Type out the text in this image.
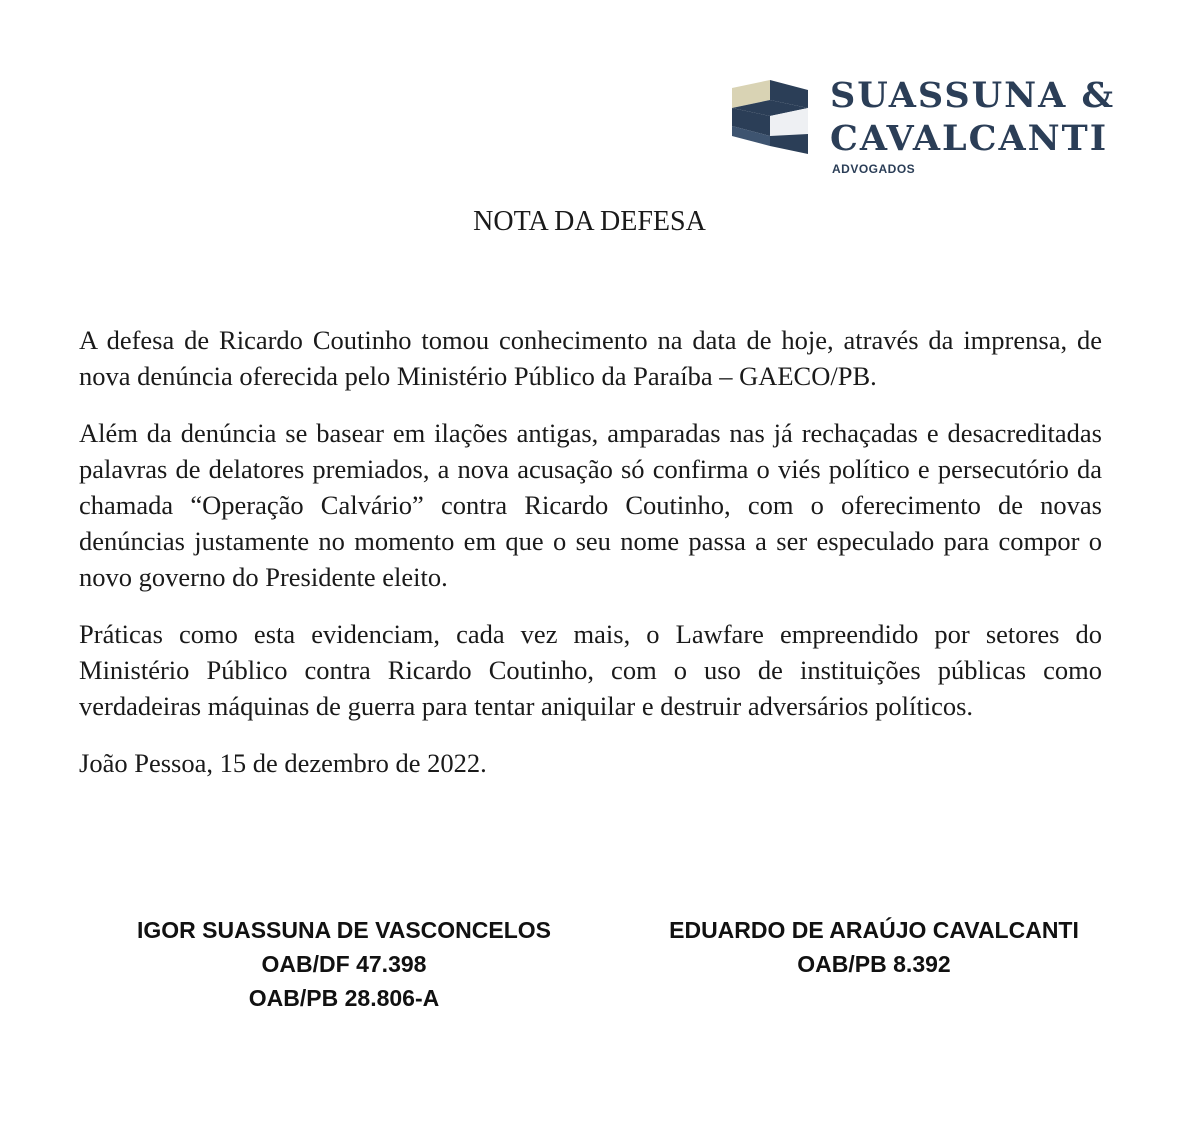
SUASSUNA &
CAVALCANTI
ADVOGADOS
NOTA DA DEFESA

A defesa de Ricardo Coutinho tomou conhecimento na data de hoje, através da imprensa, de nova denúncia oferecida pelo Ministério Público da Paraíba – GAECO/PB.

Além da denúncia se basear em ilações antigas, amparadas nas já rechaçadas e desacreditadas palavras de delatores premiados, a nova acusação só confirma o viés político e persecutório da chamada “Operação Calvário” contra Ricardo Coutinho, com o oferecimento de novas denúncias justamente no momento em que o seu nome passa a ser especulado para compor o novo governo do Presidente eleito.

Práticas como esta evidenciam, cada vez mais, o Lawfare empreendido por setores do Ministério Público contra Ricardo Coutinho, com o uso de instituições públicas como verdadeiras máquinas de guerra para tentar aniquilar e destruir adversários políticos.

João Pessoa, 15 de dezembro de 2022.

IGOR SUASSUNA DE VASCONCELOS
OAB/DF 47.398
OAB/PB 28.806-A
EDUARDO DE ARAÚJO CAVALCANTI
OAB/PB 8.392
